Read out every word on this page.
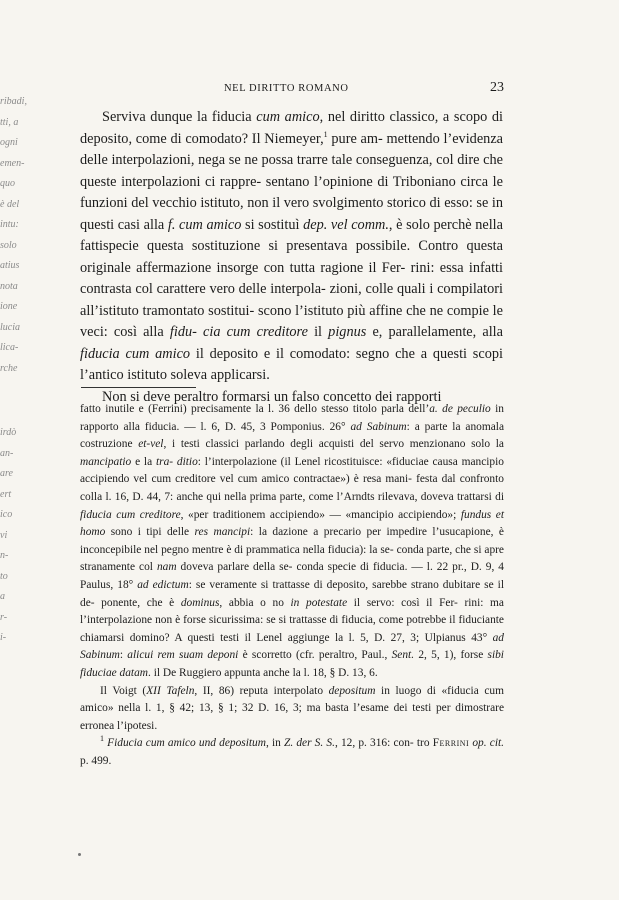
ribadi,
tti, a
ogni
emen-
quo
è del
intu:
solo
atius
nota
ione
lucia
lica-
rche
irdò
an-
are
ert
ico
vi
n-
to
a
r-
i-
NEL DIRITTO ROMANO	23

Serviva dunque la fiducia cum amico, nel diritto classico, a scopo di deposito, come di comodato? Il Niemeyer,$^1$ pure am- mettendo l’evidenza delle interpolazioni, nega se ne possa trarre tale conseguenza, col dire che queste interpolazioni ci rappre- sentano l’opinione di Triboniano circa le funzioni del vecchio istituto, non il vero svolgimento storico di esso: se in questi casi alla f. cum amico si sostituì dep. vel comm., è solo perchè nella fattispecie questa sostituzione si presentava possibile. Contro questa originale affermazione insorge con tutta ragione il Fer- rini: essa infatti contrasta col carattere vero delle interpola- zioni, colle quali i compilatori all’istituto tramontato sostitui- scono l’istituto più affine che ne compie le veci: così alla fidu- cia cum creditore il pignus e, parallelamente, alla fiducia cum amico il deposito e il comodato: segno che a questi scopi l’antico istituto soleva applicarsi.

Non si deve peraltro formarsi un falso concetto dei rapporti

fatto inutile e (Ferrini) precisamente la l. 36 dello stesso titolo parla dell’a. de peculio in rapporto alla fiducia. — l. 6, D. 45, 3 Pomponius. 26° ad Sabinum: a parte la anomala costruzione et-vel, i testi classici parlando degli acquisti del servo menzionano solo la mancipatio e la tra- ditio: l’interpolazione (il Lenel ricostituisce: «fiduciae causa mancipio accipiendo vel cum creditore vel cum amico contractae») è resa mani- festa dal confronto colla l. 16, D. 44, 7: anche qui nella prima parte, come l’Arndts rilevava, doveva trattarsi di fiducia cum creditore, «per traditionem accipiendo» — «mancipio accipiendo»; fundus et homo sono i tipi delle res mancipi: la dazione a precario per impedire l’usucapione, è inconcepibile nel pegno mentre è di prammatica nella fiducia): la se- conda parte, che si apre stranamente col nam doveva parlare della se- conda specie di fiducia. — l. 22 pr., D. 9, 4 Paulus, 18° ad edictum: se veramente si trattasse di deposito, sarebbe strano dubitare se il de- ponente, che è dominus, abbia o no in potestate il servo: così il Fer- rini: ma l’interpolazione non è forse sicurissima: se si trattasse di fiducia, come potrebbe il fiduciante chiamarsi domino? A questi testi il Lenel aggiunge la l. 5, D. 27, 3; Ulpianus 43° ad Sabinum: alicui rem suam deponi è scorretto (cfr. peraltro, Paul., Sent. 2, 5, 1), forse sibi fiduciae datam. il De Ruggiero appunta anche la l. 18, § D. 13, 6.

Il Voigt (XII Tafeln, II, 86) reputa interpolato depositum in luogo di «fiducia cum amico» nella l. 1, § 42; 13, § 1; 32 D. 16, 3; ma basta l’esame dei testi per dimostrare erronea l’ipotesi.

$^1$ Fiducia cum amico und depositum, in Z. der S. S., 12, p. 316: con- tro Ferrini op. cit. p. 499.
